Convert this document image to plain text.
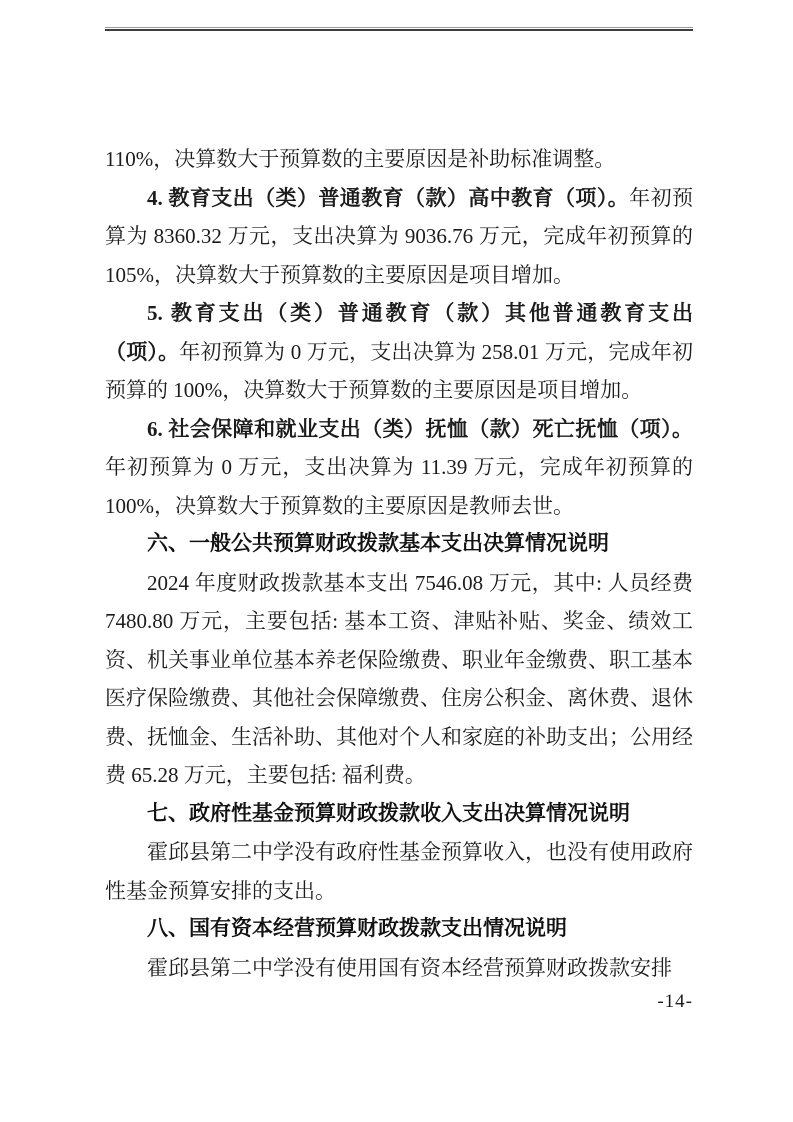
110%，决算数大于预算数的主要原因是补助标准调整。

4. 教育支出（类）普通教育（款）高中教育（项）。年初预算为 8360.32 万元，支出决算为 9036.76 万元，完成年初预算的 105%，决算数大于预算数的主要原因是项目增加。

5. 教育支出（类）普通教育（款）其他普通教育支出（项）。年初预算为 0 万元，支出决算为 258.01 万元，完成年初预算的 100%，决算数大于预算数的主要原因是项目增加。

6. 社会保障和就业支出（类）抚恤（款）死亡抚恤（项）。年初预算为 0 万元，支出决算为 11.39 万元，完成年初预算的 100%，决算数大于预算数的主要原因是教师去世。

六、一般公共预算财政拨款基本支出决算情况说明

2024 年度财政拨款基本支出 7546.08 万元，其中: 人员经费 7480.80 万元，主要包括: 基本工资、津贴补贴、奖金、绩效工资、机关事业单位基本养老保险缴费、职业年金缴费、职工基本医疗保险缴费、其他社会保障缴费、住房公积金、离休费、退休费、抚恤金、生活补助、其他对个人和家庭的补助支出；公用经费 65.28 万元，主要包括: 福利费。

七、政府性基金预算财政拨款收入支出决算情况说明

霍邱县第二中学没有政府性基金预算收入，也没有使用政府性基金预算安排的支出。

八、国有资本经营预算财政拨款支出情况说明

霍邱县第二中学没有使用国有资本经营预算财政拨款安排

-14-
